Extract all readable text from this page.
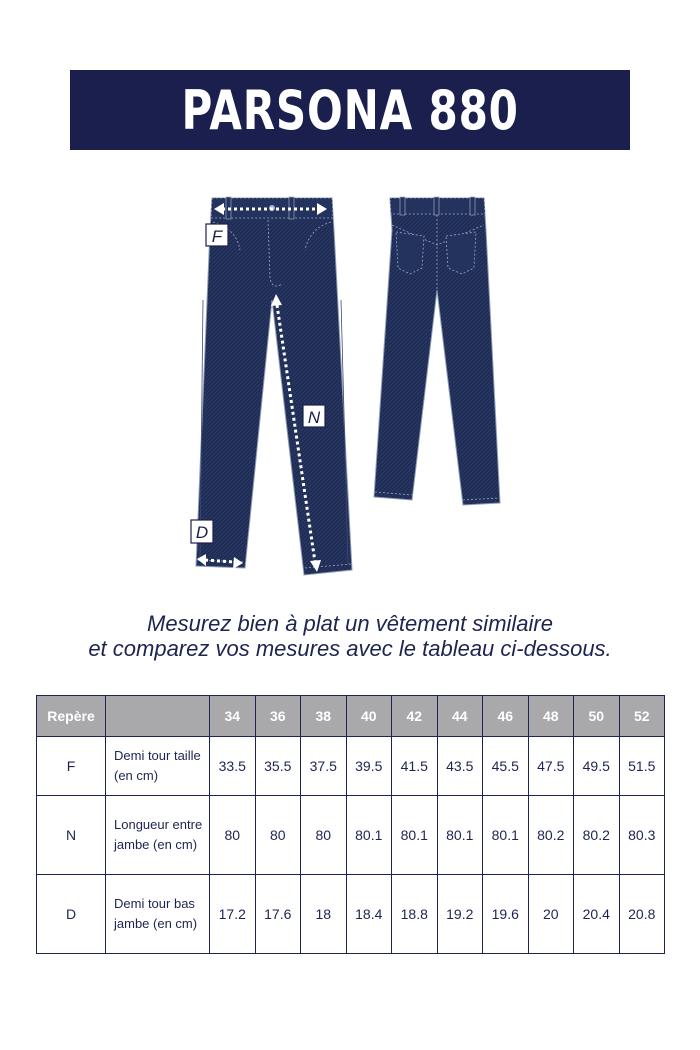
PARSONA 880
F
N
D
Mesurez bien à plat un vêtement similaire
et comparez vos mesures avec le tableau ci-dessous.
Repère		34	36	38	40	42	44	46	48	50	52
F	Demi tour taille (en cm)	33.5	35.5	37.5	39.5	41.5	43.5	45.5	47.5	49.5	51.5
N	Longueur entre jambe (en cm)	80	80	80	80.1	80.1	80.1	80.1	80.2	80.2	80.3
D	Demi tour bas jambe (en cm)	17.2	17.6	18	18.4	18.8	19.2	19.6	20	20.4	20.8
